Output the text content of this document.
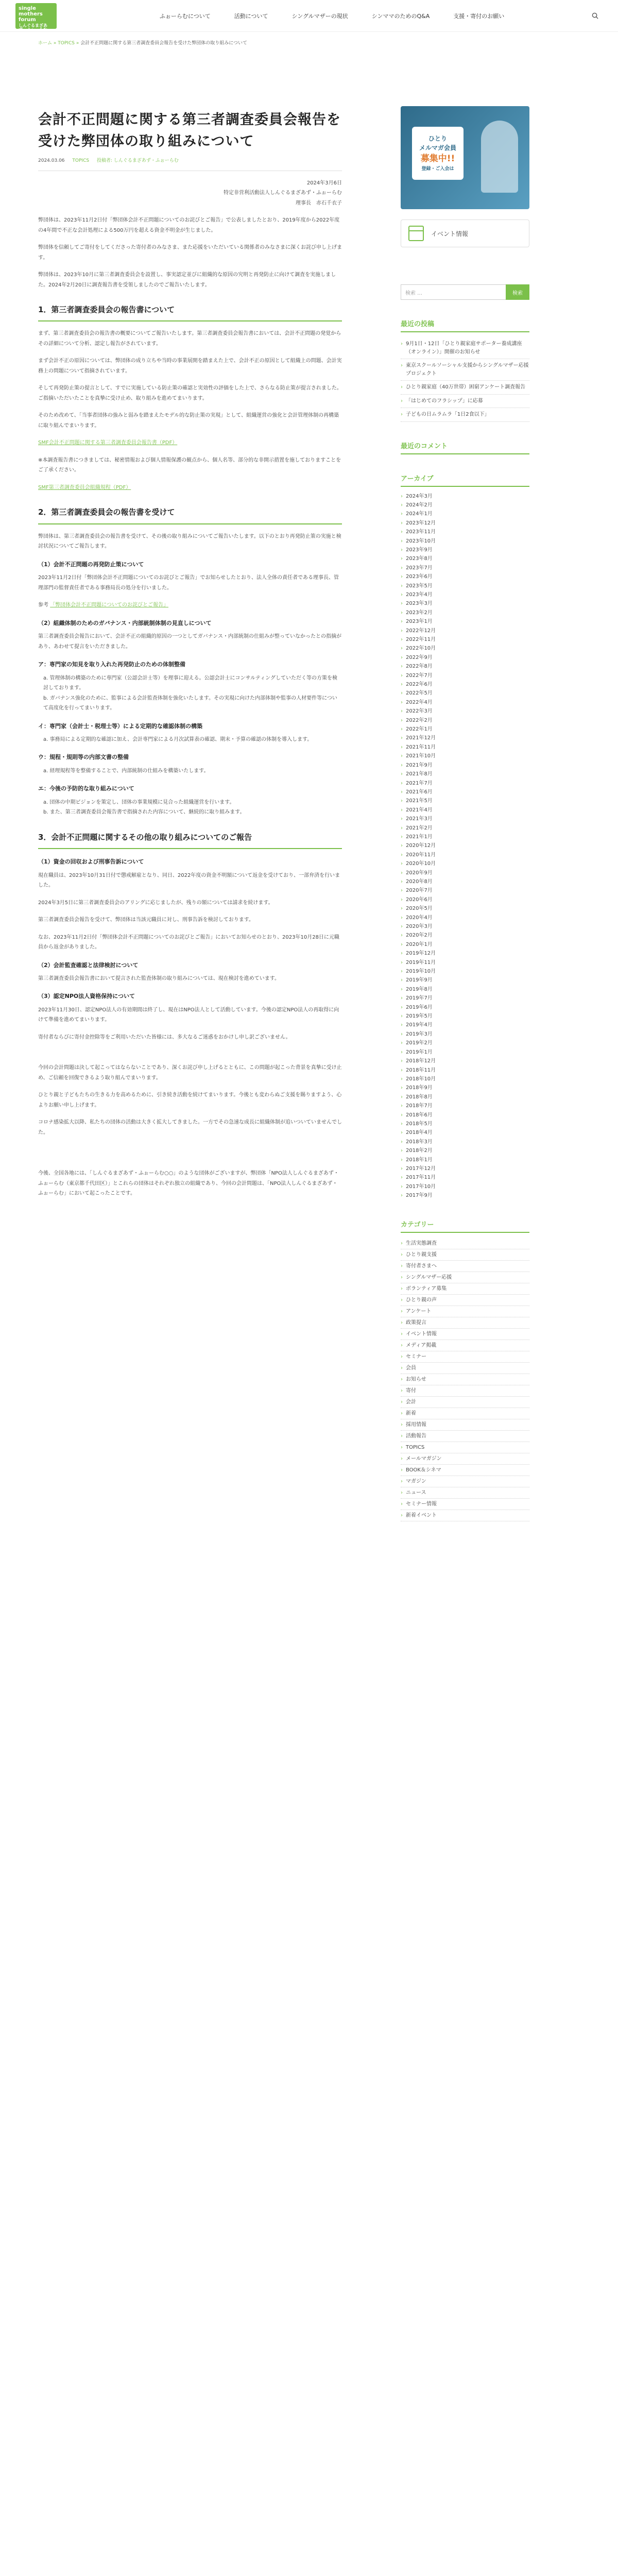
single
mothers
forum
しんぐるまざあず・ふぉーらむ
ふぉーらむについて	活動について	シングルマザーの現状	シンママのためのQ&A	支援・寄付のお願い
ホーム » TOPICS » 会計不正問題に関する第三者調査委員会報告を受けた弊団体の取り組みについて
会計不正問題に関する第三者調査委員会報告を受けた弊団体の取り組みについて
2024.03.06 TOPICS 投稿者: しんぐるまざあず・ふぉーらむ

2024年3月6日
特定非営利活動法人しんぐるまざあず・ふぉーらむ
理事長　赤石千衣子

弊団体は、2023年11月2日付「弊団体会計不正問題についてのお詫びとご報告」で公表しましたとおり、2019年度から2022年度の4年間で不正な会計処理による500万円を超える資金不明金が生じました。

弊団体を信頼してご寄付をしてくださった寄付者のみなさま、また応援をいただいている関係者のみなさまに深くお詫び申し上げます。

弊団体は、2023年10月に第三者調査委員会を設置し、事実認定並びに組織的な原因の究明と再発防止に向けて調査を実施しました。2024年2月20日に調査報告書を受領しましたのでご報告いたします。

1．第三者調査委員会の報告書について

まず、第三者調査委員会の報告書の概要についてご報告いたします。第三者調査委員会報告書においては、会計不正問題の発覚からその詳細について分析、認定し報告がされています。

まず会計不正の原因については、弊団体の成り立ちや当時の事業展開を踏まえた上で、会計不正の原因として組織上の問題、会計実務上の問題について指摘されています。

そして再発防止策の提言として、すでに実施している防止策の確認と実効性の評価をした上で、さらなる防止策が提言されました。ご指摘いただいたことを真摯に受け止め、取り組みを進めてまいります。

そのため改めて、「当事者団体の強みと弱みを踏まえたモデル的な防止策の実現」として、組織運営の強化と会計管理体制の再構築に取り組んでまいります。

SMF会計不正問題に関する第三者調査委員会報告書（PDF）

※本調査報告書につきましては、秘密情報および個人情報保護の観点から、個人名等、部分的な非開示措置を施しておりますことをご了承ください。

SMF第三者調査委員会組織規程（PDF）

2．第三者調査委員会の報告書を受けて

弊団体は、第三者調査委員会の報告書を受けて、その後の取り組みについてご報告いたします。以下のとおり再発防止策の実施と検討状況についてご報告します。

（1）会計不正問題の再発防止策について

2023年11月2日付「弊団体会計不正問題についてのお詫びとご報告」でお知らせしたとおり、法人全体の責任者である理事長、管理部門の監督責任者である事務局長の処分を行いました。

参考 「弊団体会計不正問題についてのお詫びとご報告」

（2）組織体制のためのガバナンス・内部統制体制の見直しについて

第三者調査委員会報告において、会計不正の組織的原因の一つとしてガバナンス・内部統制の仕組みが整っていなかったとの指摘があり、あわせて提言をいただきました。

ア：専門家の知見を取り入れた再発防止のための体制整備
a. 管理体制の構築のために専門家（公認会計士等）を理事に迎える。公認会計士にコンサルティングしていただく等の方策を検討しております。
b. ガバナンス強化のために、監事による会計監査体制を強化いたします。その実現に向けた内部体制や監事の人材要件等について高度化を行ってまいります。
イ：専門家（会計士・税理士等）による定期的な確認体制の構築
a. 事務局による定期的な確認に加え、会計専門家による月次試算表の確認、期末・予算の確認の体制を導入します。
ウ：規程・規則等の内部文書の整備
a. 経理規程等を整備することで、内部統制の仕組みを構築いたします。
エ：今後の予防的な取り組みについて
a. 団体の中期ビジョンを策定し、団体の事業規模に見合った組織運営を行います。
b. また、第三者調査委員会報告書で指摘された内容について、継続的に取り組みます。
3．会計不正問題に関するその他の取り組みについてのご報告
（1）資金の回収および刑事告訴について

現在職員は、2023年10月31日付で懲戒解雇となり、同日、2022年度の資金不明額について返金を受けており、一部弁済を行いました。

2024年3月5日に第三者調査委員会のアリングに応じましたが、残りの額については請求を続けます。

第三者調査委員会報告を受けて、弊団体は当該元職員に対し、刑事告訴を検討しております。

なお、2023年11月2日付「弊団体会計不正問題についてのお詫びとご報告」においてお知らせのとおり、2023年10月28日に元職員から返金がありました。

（2）会計監査確認と法律検討について

第三者調査委員会報告書において提言された監査体制の取り組みについては、現在検討を進めています。

（3）認定NPO法人資格保持について

2023年11月30日、認定NPO法人の有効期間は終了し、現在はNPO法人として活動しています。今後の認定NPO法人の再取得に向けて準備を進めてまいります。

寄付者ならびに寄付金控除等をご利用いただいた皆様には、多大なるご迷惑をおかけし申し訳ございません。

今回の会計問題は決して起こってはならないことであり、深くお詫び申し上げるとともに、この問題が起こった背景を真摯に受け止め、ご信頼を回復できるよう取り組んでまいります。

ひとり親と子どもたちの生きる力を高めるために、引き続き活動を続けてまいります。今後とも変わらぬご支援を賜りますよう、心よりお願い申し上げます。

コロナ感染拡大以降、私たちの団体の活動は大きく拡大してきました。一方でその急速な成長に組織体制が追いついていませんでした。

今後、全国各地には、「しんぐるまざあず・ふぉーらむ○○」のような団体がございますが、弊団体「NPO法人しんぐるまざあず・ふぉーらむ（東京都千代田区）」とこれらの団体はそれぞれ独立の組織であり、今回の会計問題は、「NPO法人しんぐるまざあず・ふぉーらむ」において起こったことです。

ひとり
メルマガ会員
募集中!!
登録・ご入会は
イベント情報
検索 …	検索
最近の投稿
› 9月1日・12日「ひとり親家庭サポーター養成講座（オンライン）」開催のお知らせ
› 東京スクールソーシャル支援からシングルマザー応援プロジェクト
› ひとり親家庭（40万世帯）困窮アンケート調査報告
› 「はじめてのフラシップ」に応募
› 子どもの日ムラムラ「1日2食以下」
最近のコメント
アーカイブ
› 2024年3月
› 2024年2月
› 2024年1月
› 2023年12月
› 2023年11月
› 2023年10月
› 2023年9月
› 2023年8月
› 2023年7月
› 2023年6月
› 2023年5月
› 2023年4月
› 2023年3月
› 2023年2月
› 2023年1月
› 2022年12月
› 2022年11月
› 2022年10月
› 2022年9月
› 2022年8月
› 2022年7月
› 2022年6月
› 2022年5月
› 2022年4月
› 2022年3月
› 2022年2月
› 2022年1月
› 2021年12月
› 2021年11月
› 2021年10月
› 2021年9月
› 2021年8月
› 2021年7月
› 2021年6月
› 2021年5月
› 2021年4月
› 2021年3月
› 2021年2月
› 2021年1月
› 2020年12月
› 2020年11月
› 2020年10月
› 2020年9月
› 2020年8月
› 2020年7月
› 2020年6月
› 2020年5月
› 2020年4月
› 2020年3月
› 2020年2月
› 2020年1月
› 2019年12月
› 2019年11月
› 2019年10月
› 2019年9月
› 2019年8月
› 2019年7月
› 2019年6月
› 2019年5月
› 2019年4月
› 2019年3月
› 2019年2月
› 2019年1月
› 2018年12月
› 2018年11月
› 2018年10月
› 2018年9月
› 2018年8月
› 2018年7月
› 2018年6月
› 2018年5月
› 2018年4月
› 2018年3月
› 2018年2月
› 2018年1月
› 2017年12月
› 2017年11月
› 2017年10月
› 2017年9月
カテゴリー
› 生活実態調査
› ひとり親支援
› 寄付者さまへ
› シングルマザー応援
› ボランティア募集
› ひとり親の声
› アンケート
› 政策提言
› イベント情報
› メディア掲載
› セミナー
› 会員
› お知らせ
› 寄付
› 会計
› 新着
› 採用情報
› 活動報告
› TOPICS
› メールマガジン
› BOOK＆シネマ
› マガジン
› ニュース
› セミナー情報
› 新着イベント
